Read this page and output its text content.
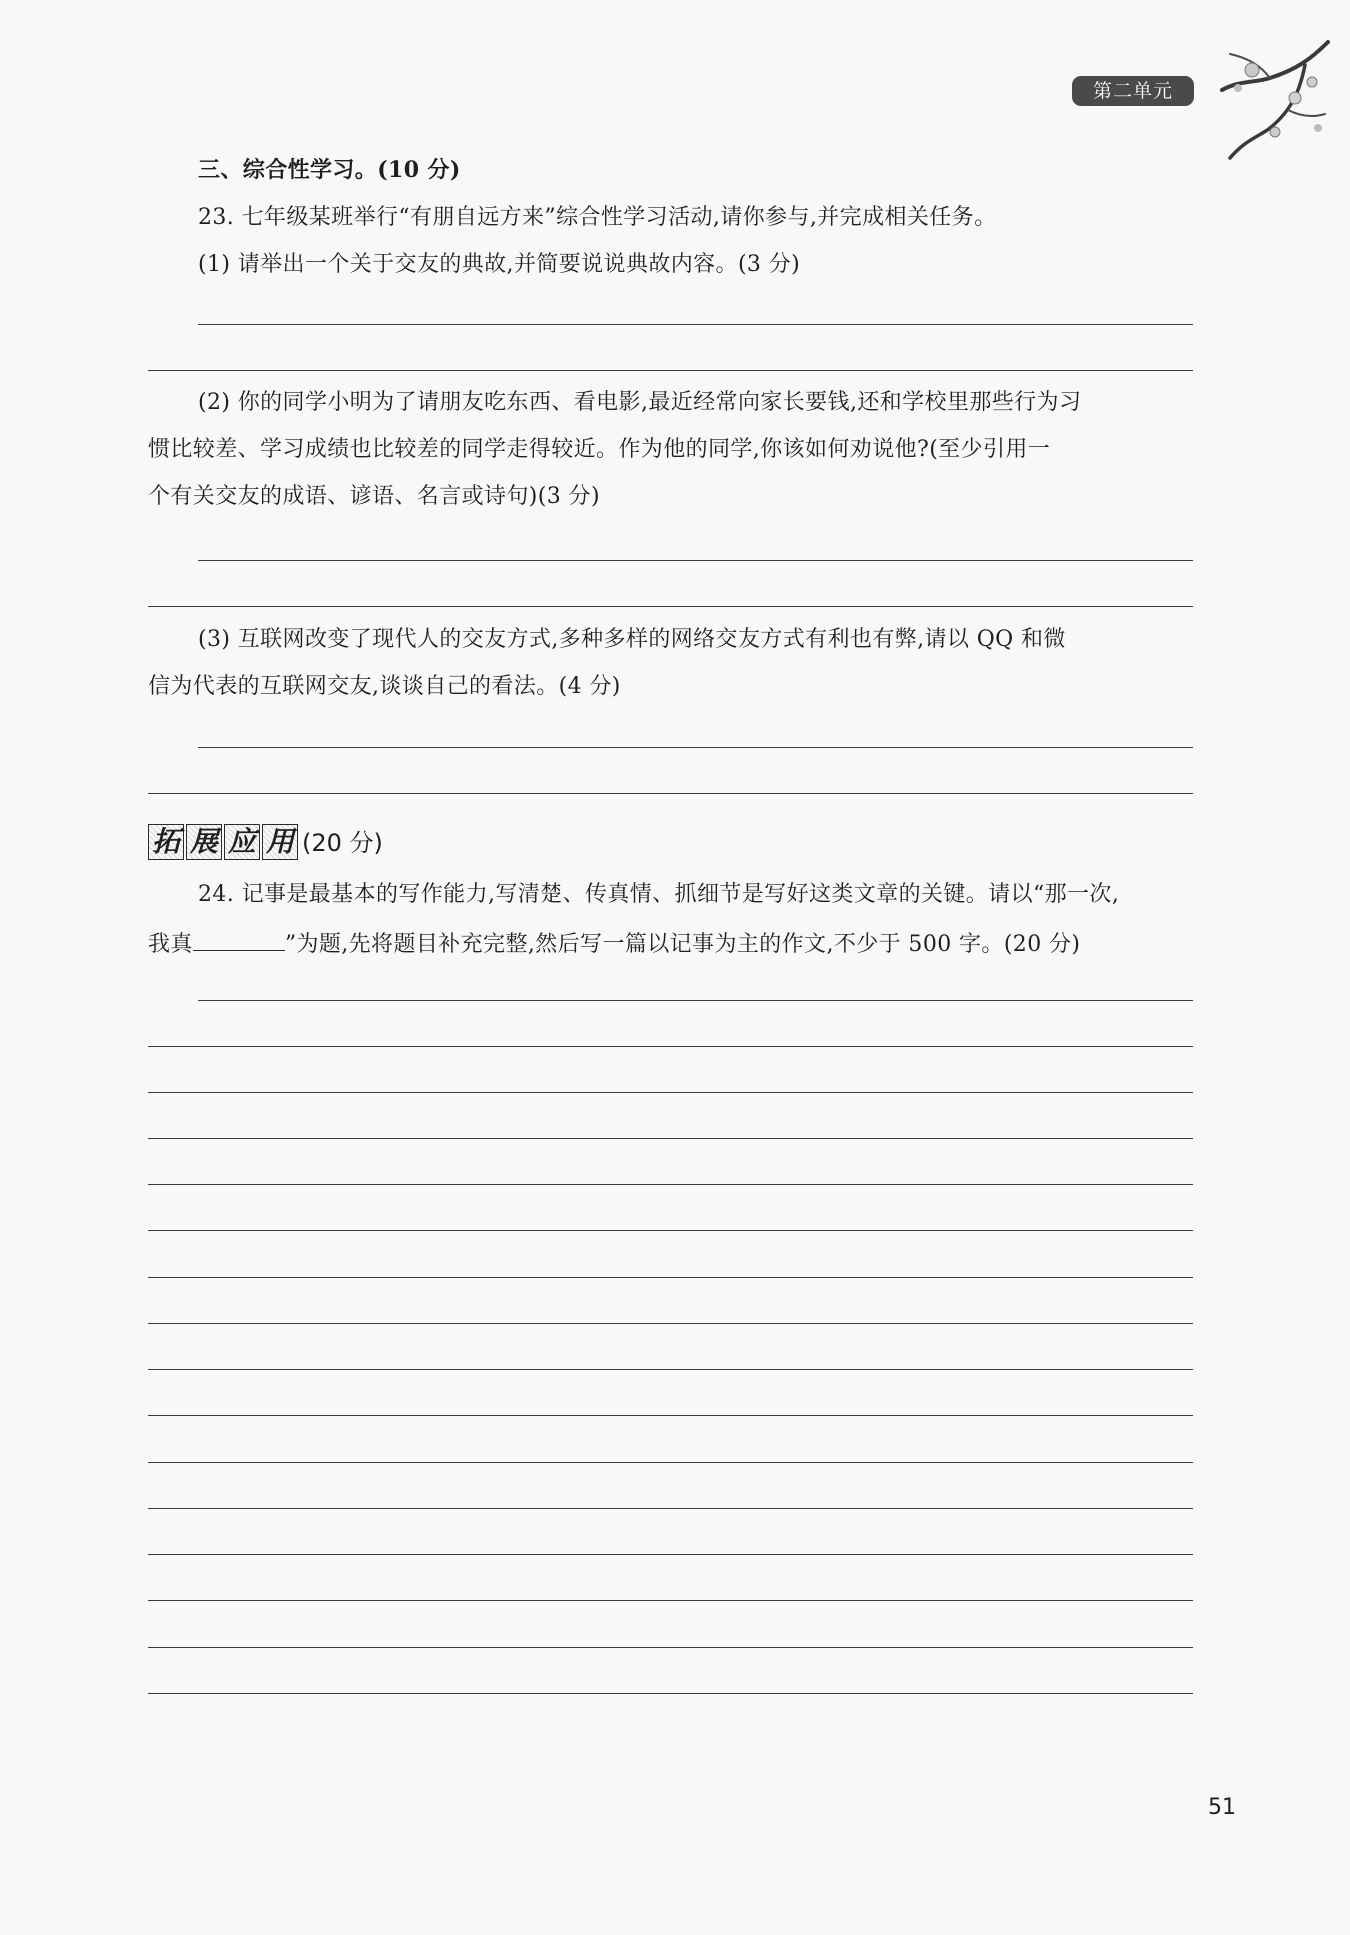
第二单元
三、综合性学习。(10 分)
23. 七年级某班举行“有朋自远方来”综合性学习活动,请你参与,并完成相关任务。
(1) 请举出一个关于交友的典故,并简要说说典故内容。(3 分)
(2) 你的同学小明为了请朋友吃东西、看电影,最近经常向家长要钱,还和学校里那些行为习
惯比较差、学习成绩也比较差的同学走得较近。作为他的同学,你该如何劝说他?(至少引用一
个有关交友的成语、谚语、名言或诗句)(3 分)
(3) 互联网改变了现代人的交友方式,多种多样的网络交友方式有利也有弊,请以 QQ 和微
信为代表的互联网交友,谈谈自己的看法。(4 分)
拓 展 应 用 (20 分)
24. 记事是最基本的写作能力,写清楚、传真情、抓细节是写好这类文章的关键。请以“那一次,
我真	”为题,先将题目补充完整,然后写一篇以记事为主的作文,不少于 500 字。(20 分)
51
